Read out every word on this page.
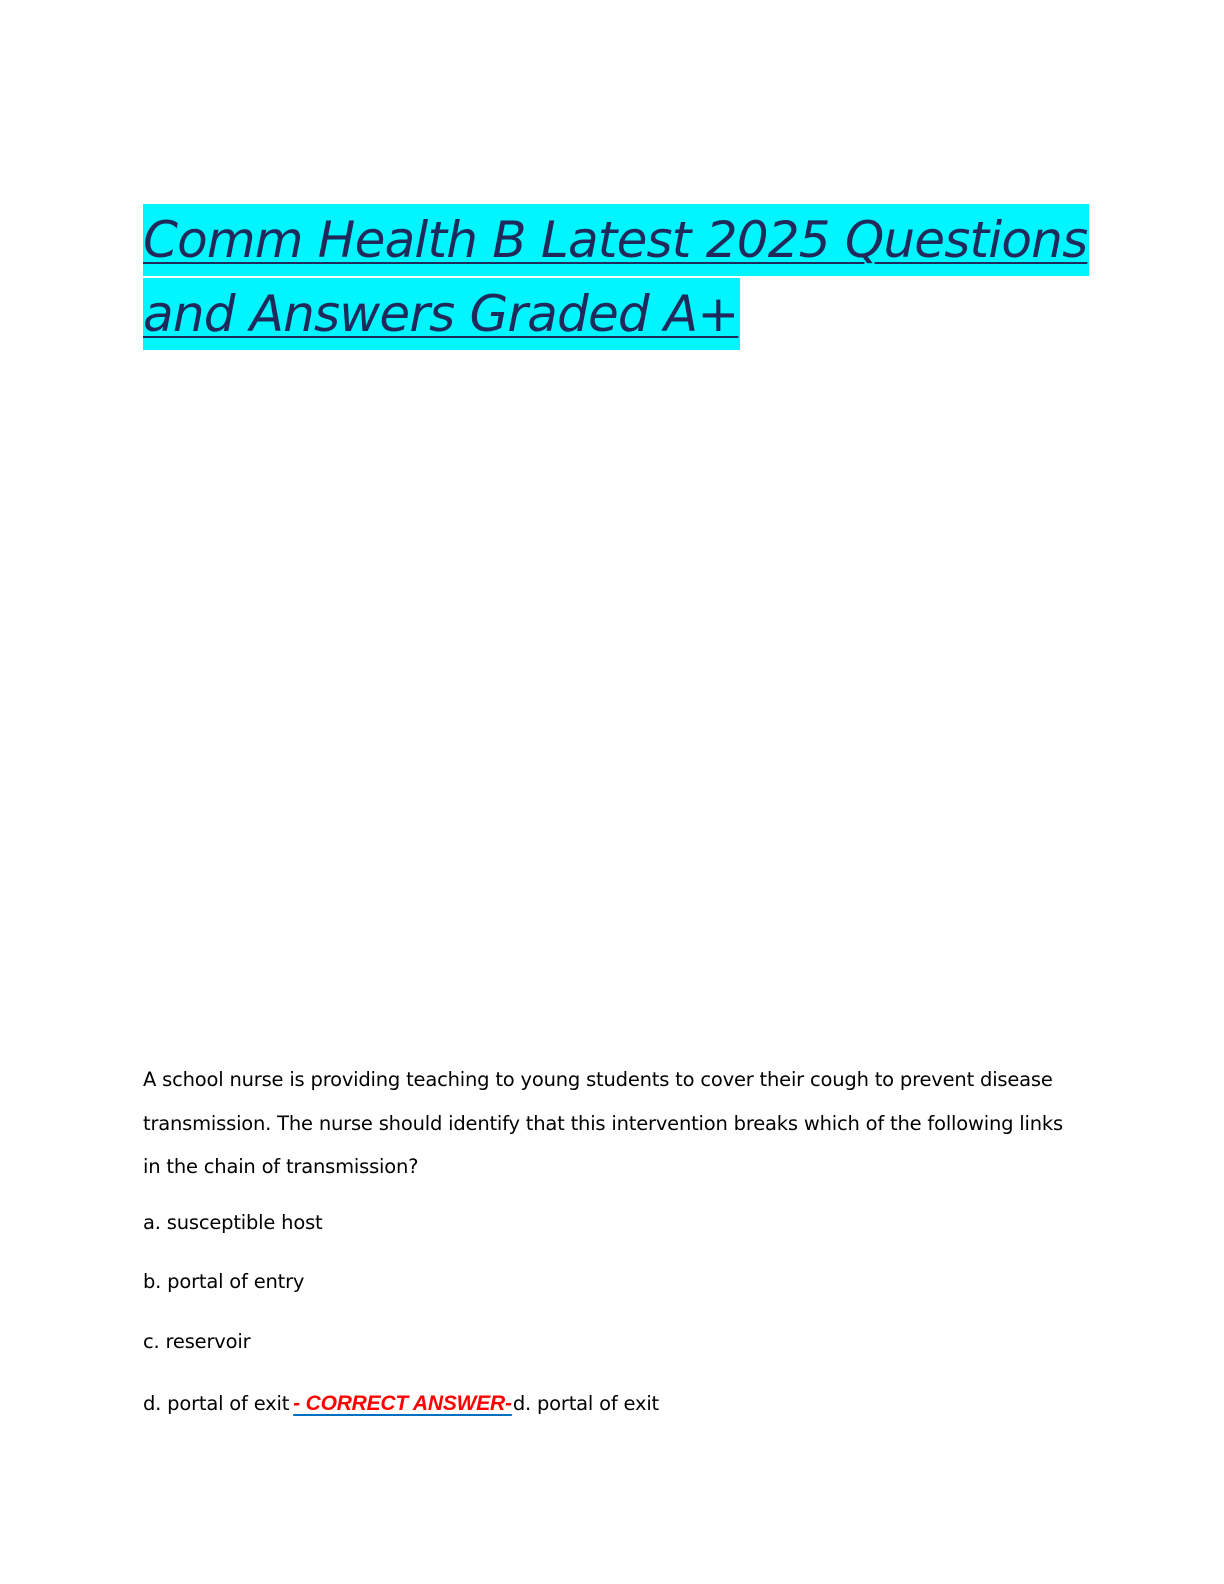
Comm Health B Latest 2025 Questions
and Answers Graded A+
A school nurse is providing teaching to young students to cover their cough to prevent disease transmission. The nurse should identify that this intervention breaks which of the following links in the chain of transmission?
a. susceptible host
b. portal of entry
c. reservoir
d. portal of exit - CORRECT ANSWER-d. portal of exit
